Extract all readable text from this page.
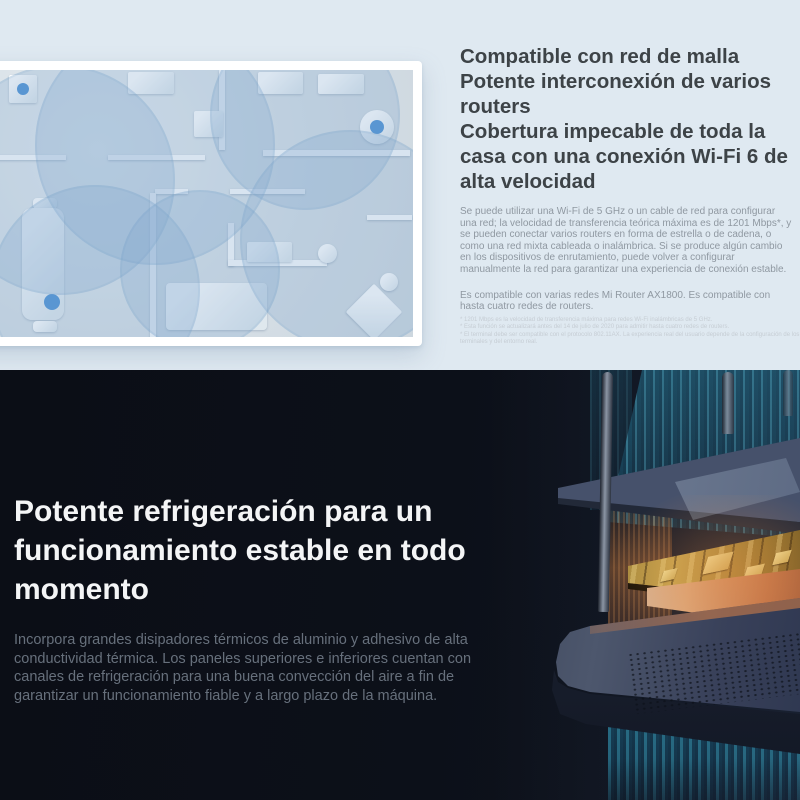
Compatible con red de malla
Potente interconexión de varios routers
Cobertura impecable de toda la casa con una conexión Wi-Fi 6 de alta velocidad
Se puede utilizar una Wi-Fi de 5 GHz o un cable de red para configurar una red; la velocidad de transferencia teórica máxima es de 1201 Mbps*, y se pueden conectar varios routers en forma de estrella o de cadena, o como una red mixta cableada o inalámbrica. Si se produce algún cambio en los dispositivos de enrutamiento, puede volver a configurar manualmente la red para garantizar una experiencia de conexión estable.
Es compatible con varias redes Mi Router AX1800. Es compatible con hasta cuatro redes de routers.
* 1201 Mbps es la velocidad de transferencia máxima para redes Wi-Fi inalámbricas de 5 GHz.
* Esta función se actualizará antes del 14 de julio de 2020 para admitir hasta cuatro redes de routers.
* El terminal debe ser compatible con el protocolo 802.11AX. La experiencia real del usuario depende de la configuración de los terminales y del entorno real.
Potente refrigeración para un funcionamiento estable en todo momento
Incorpora grandes disipadores térmicos de aluminio y adhesivo de alta conductividad térmica. Los paneles superiores e inferiores cuentan con canales de refrigeración para una buena convección del aire a fin de garantizar un funcionamiento fiable y a largo plazo de la máquina.
